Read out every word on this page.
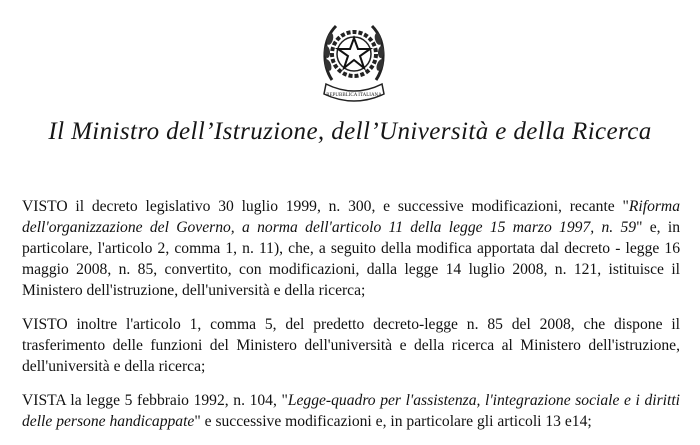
REPUBBLICA ITALIANA
Il Ministro dell’Istruzione, dell’Università e della Ricerca

VISTO il decreto legislativo 30 luglio 1999, n. 300, e successive modificazioni, recante "Riforma dell'organizzazione del Governo, a norma dell'articolo 11 della legge 15 marzo 1997, n. 59" e, in particolare, l'articolo 2, comma 1, n. 11), che, a seguito della modifica apportata dal decreto - legge 16 maggio 2008, n. 85, convertito, con modificazioni, dalla legge 14 luglio 2008, n. 121, istituisce il Ministero dell'istruzione, dell'università e della ricerca;

VISTO inoltre l'articolo 1, comma 5, del predetto decreto-legge n. 85 del 2008, che dispone il trasferimento delle funzioni del Ministero dell'università e della ricerca al Ministero dell'istruzione, dell'università e della ricerca;

VISTA la legge 5 febbraio 1992, n. 104, "Legge-quadro per l'assistenza, l'integrazione sociale e i diritti delle persone handicappate" e successive modificazioni e, in particolare gli articoli 13 e14;
